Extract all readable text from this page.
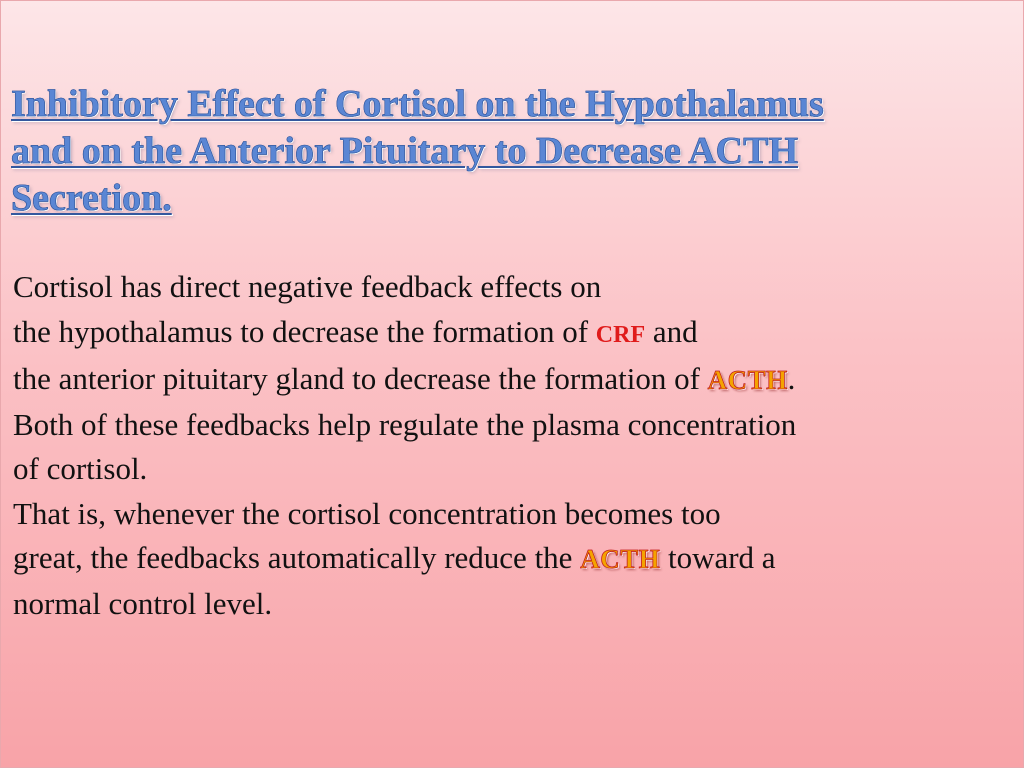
Inhibitory Effect of Cortisol on the Hypothalamus
and on the Anterior Pituitary to Decrease ACTH
Secretion.
Cortisol has direct negative feedback effects on
the hypothalamus to decrease the formation of CRF and
the anterior pituitary gland to decrease the formation of ACTH.
Both of these feedbacks help regulate the plasma concentration
of cortisol.
That is, whenever the cortisol concentration becomes too
great, the feedbacks automatically reduce the ACTH toward a
normal control level.
